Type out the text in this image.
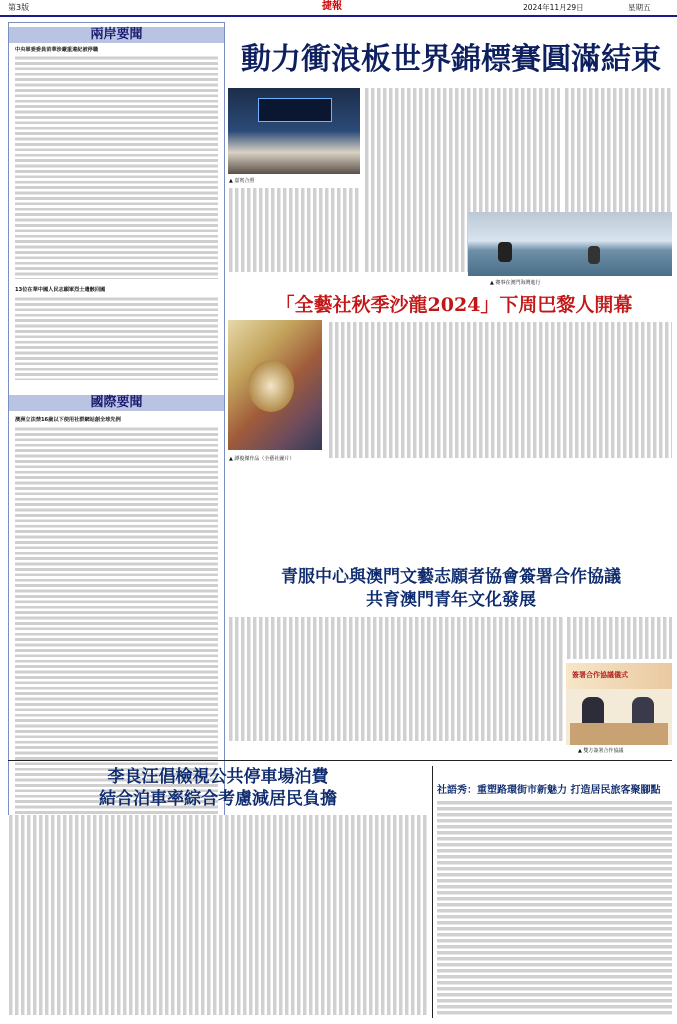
第3版	捷報	2024年11月29日	星期五
兩岸要聞
中央軍委委員苗華涉嚴重違紀被停職
13位在華中國人民志願軍烈士遺骸回國
國際要聞
澳洲立法禁16歲以下使用社群網站創全球先例
動力衝浪板世界錦標賽圓滿結束
▲ 嘉賓合照
▲ 賽事在澳門海灣進行
「全藝社秋季沙龍2024」下周巴黎人開幕
▲ 譚俊傑作品（全藝社圖片）
青服中心與澳門文藝志願者協會簽署合作協議
共育澳門青年文化發展
簽署合作協議儀式
▲ 雙方簽署合作協議
李良汪倡檢視公共停車場泊費
結合泊車率綜合考慮減居民負擔	社語秀：重塑路環街市新魅力 打造居民旅客聚腳點
